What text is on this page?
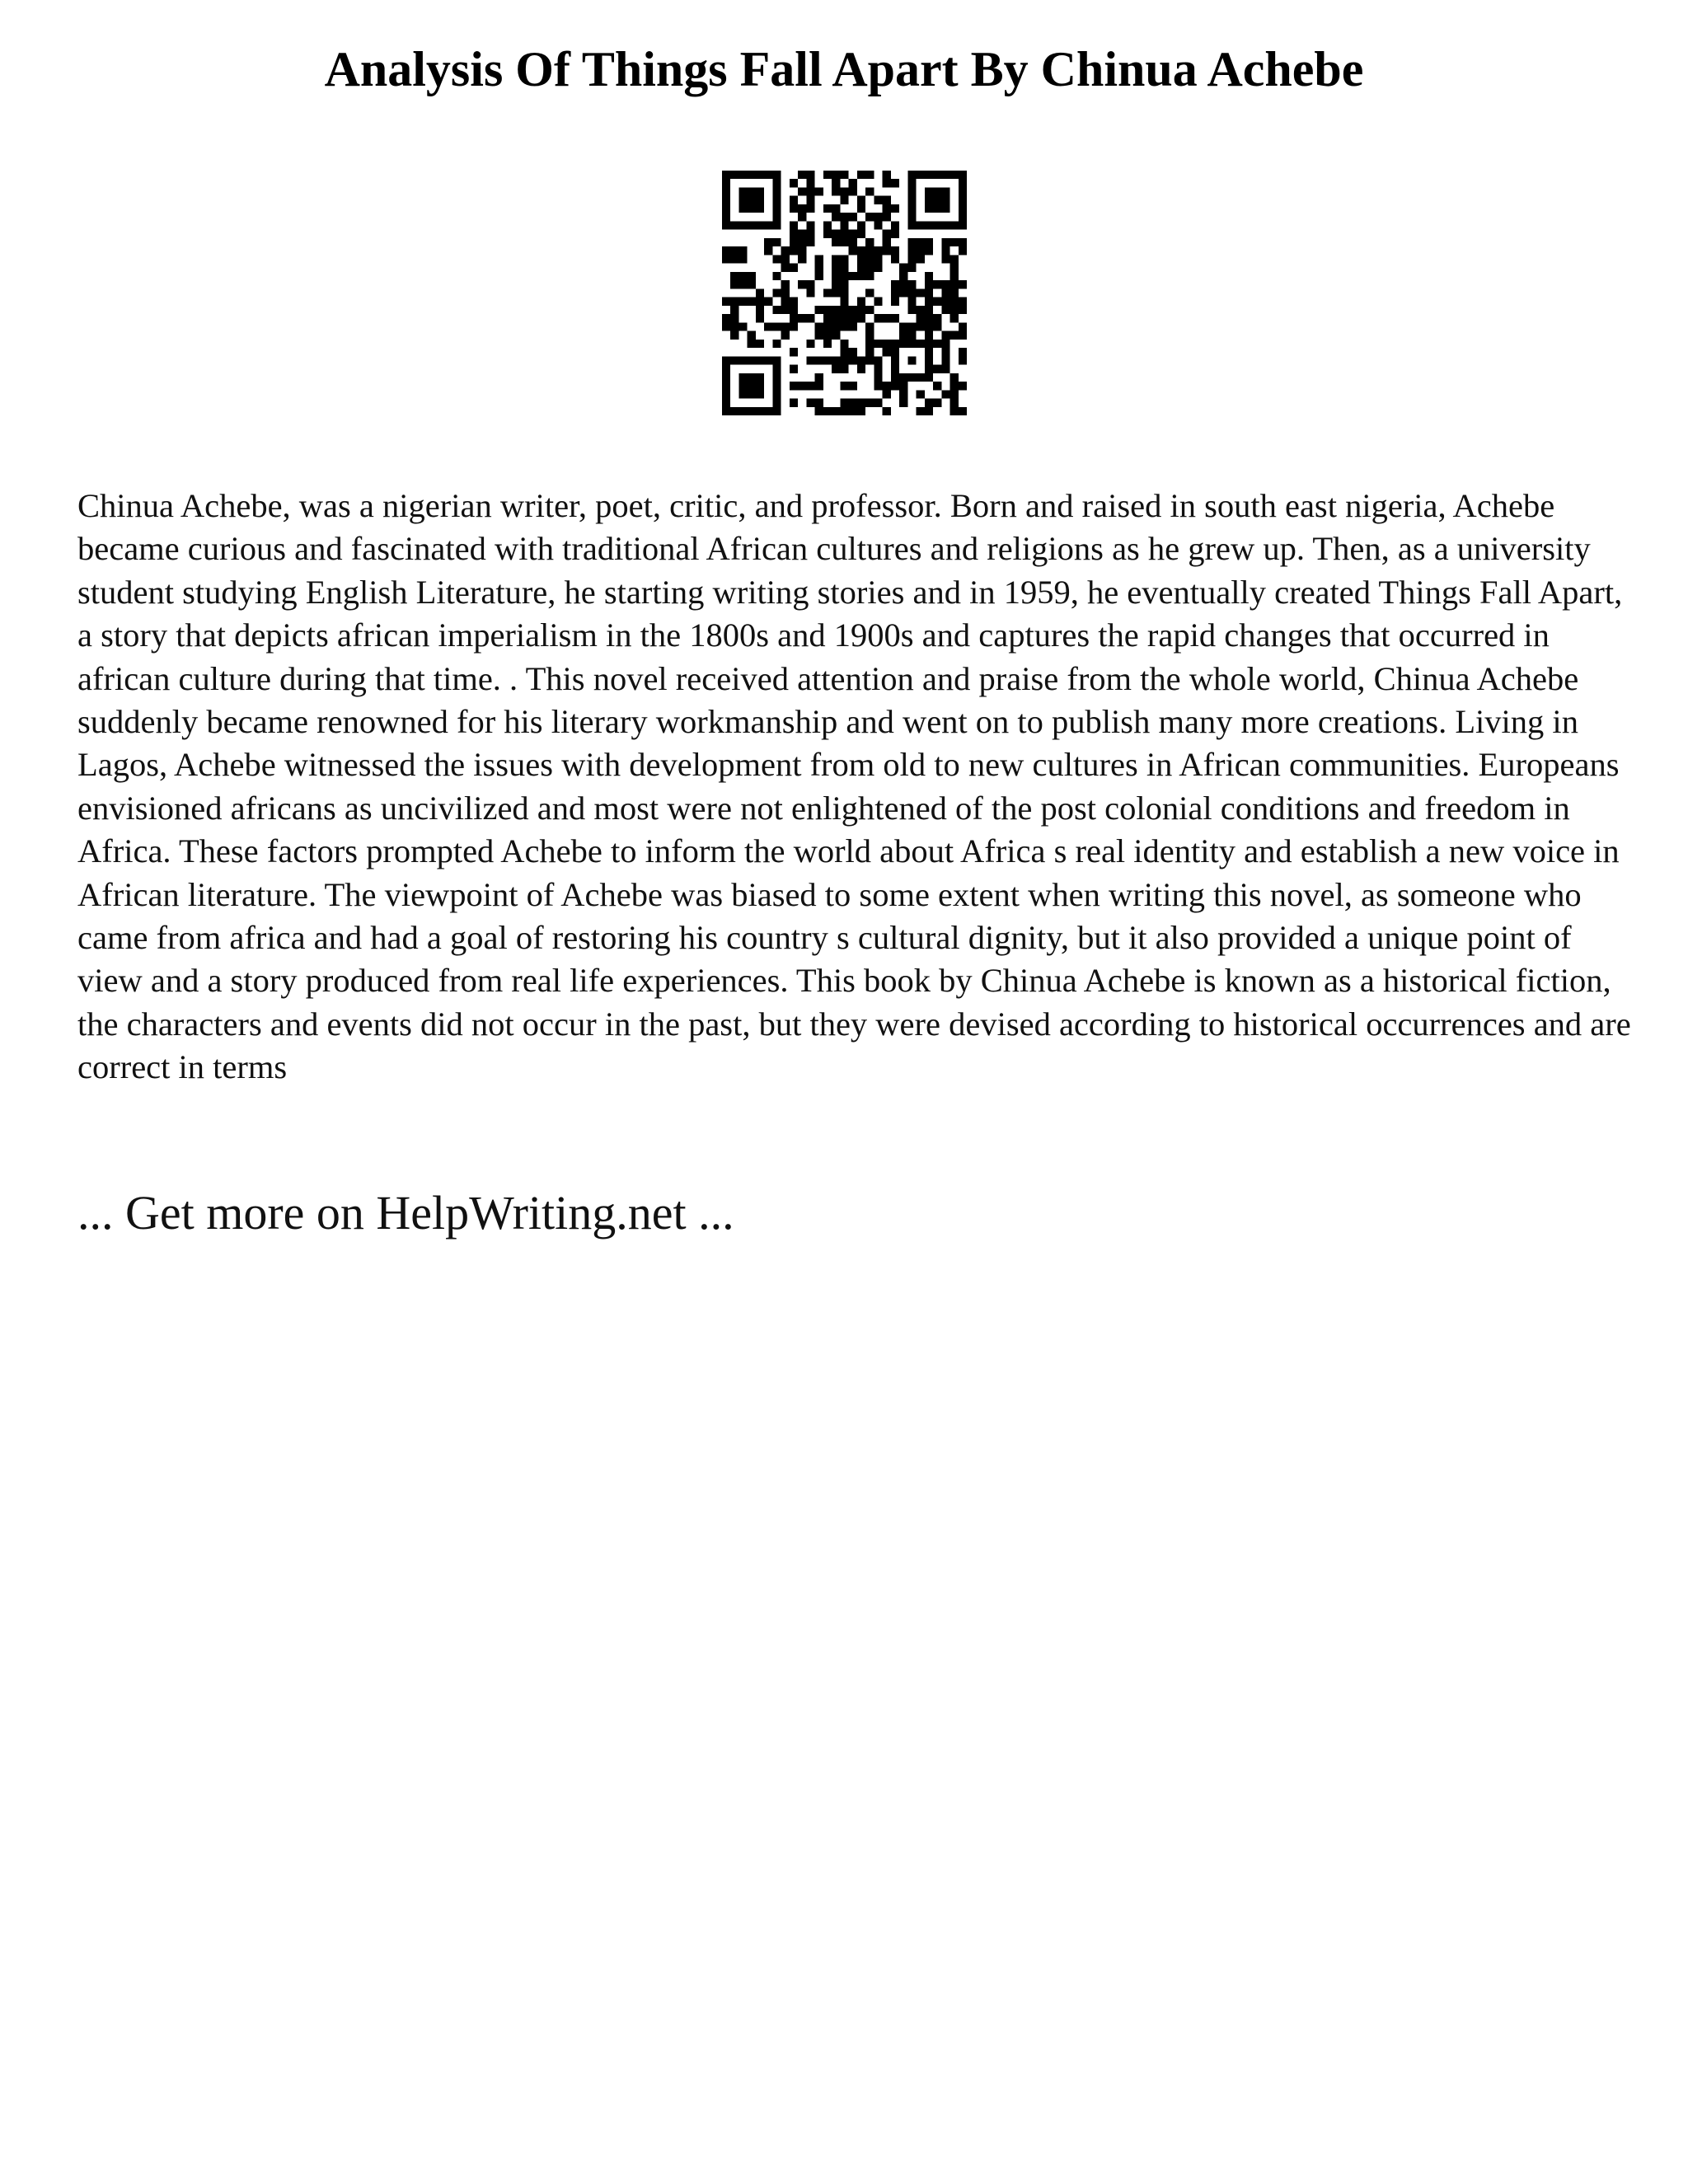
Analysis Of Things Fall Apart By Chinua Achebe

Chinua Achebe, was a nigerian writer, poet, critic, and professor. Born and raised in south east nigeria, Achebe became curious and fascinated with traditional African cultures and religions as he grew up. Then, as a university student studying English Literature, he starting writing stories and in 1959, he eventually created Things Fall Apart, a story that depicts african imperialism in the 1800s and 1900s and captures the rapid changes that occurred in african culture during that time. . This novel received attention and praise from the whole world, Chinua Achebe suddenly became renowned for his literary workmanship and went on to publish many more creations. Living in Lagos, Achebe witnessed the issues with development from old to new cultures in African communities. Europeans envisioned africans as uncivilized and most were not enlightened of the post colonial conditions and freedom in Africa. These factors prompted Achebe to inform the world about Africa s real identity and establish a new voice in African literature. The viewpoint of Achebe was biased to some extent when writing this novel, as someone who came from africa and had a goal of restoring his country s cultural dignity, but it also provided a unique point of view and a story produced from real life experiences. This book by Chinua Achebe is known as a historical fiction, the characters and events did not occur in the past, but they were devised according to historical occurrences and are correct in terms

... Get more on HelpWriting.net ...
